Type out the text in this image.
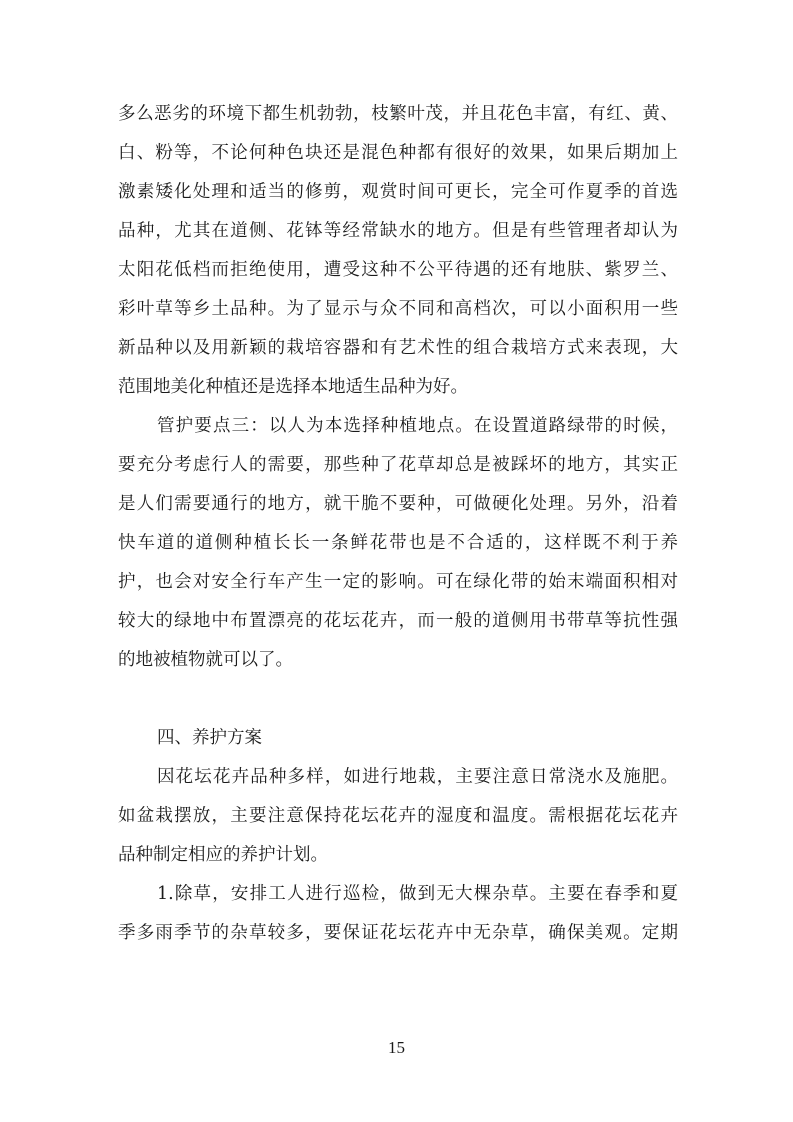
多么恶劣的环境下都生机勃勃，枝繁叶茂，并且花色丰富，有红、黄、
白、粉等，不论何种色块还是混色种都有很好的效果，如果后期加上
激素矮化处理和适当的修剪，观赏时间可更长，完全可作夏季的首选
品种，尤其在道侧、花钵等经常缺水的地方。但是有些管理者却认为
太阳花低档而拒绝使用，遭受这种不公平待遇的还有地肤、紫罗兰、
彩叶草等乡土品种。为了显示与众不同和高档次，可以小面积用一些
新品种以及用新颖的栽培容器和有艺术性的组合栽培方式来表现，大
范围地美化种植还是选择本地适生品种为好。
管护要点三：以人为本选择种植地点。在设置道路绿带的时候，
要充分考虑行人的需要，那些种了花草却总是被踩坏的地方，其实正
是人们需要通行的地方，就干脆不要种，可做硬化处理。另外，沿着
快车道的道侧种植长长一条鲜花带也是不合适的，这样既不利于养
护，也会对安全行车产生一定的影响。可在绿化带的始末端面积相对
较大的绿地中布置漂亮的花坛花卉，而一般的道侧用书带草等抗性强
的地被植物就可以了。
四、养护方案
因花坛花卉品种多样，如进行地栽，主要注意日常浇水及施肥。
如盆栽摆放，主要注意保持花坛花卉的湿度和温度。需根据花坛花卉
品种制定相应的养护计划。
1.除草，安排工人进行巡检，做到无大棵杂草。主要在春季和夏
季多雨季节的杂草较多，要保证花坛花卉中无杂草，确保美观。定期
15
